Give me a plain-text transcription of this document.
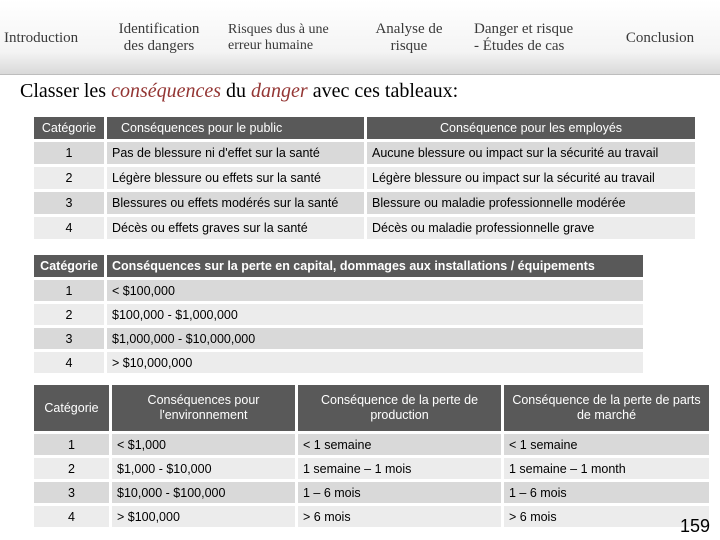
Introduction
Identification
des dangers
Risques dus à une
erreur humaine
Analyse de
risque
Danger et risque
- Études de cas
Conclusion
Classer les conséquences du danger avec ces tableaux:
Catégorie	Conséquences pour le public	Conséquence pour les employés
1	Pas de blessure ni d'effet sur la santé	Aucune blessure ou impact sur la sécurité au travail
2	Légère blessure ou effets sur la santé	Légère blessure ou impact sur la sécurité au travail
3	Blessures ou effets modérés sur la santé	Blessure ou maladie professionnelle modérée
4	Décès ou effets graves sur la santé	Décès ou maladie professionnelle grave
Catégorie	Conséquences sur la perte en capital, dommages aux installations / équipements
1	< $100,000
2	$100,000 - $1,000,000
3	$1,000,000 - $10,000,000
4	> $10,000,000
Catégorie	Conséquences pour l'environnement	Conséquence de la perte de production	Conséquence de la perte de parts de marché
1	< $1,000	< 1 semaine	< 1 semaine
2	$1,000 - $10,000	1 semaine – 1 mois	1 semaine – 1 month
3	$10,000 - $100,000	1 – 6 mois	1 – 6 mois
4	> $100,000	> 6 mois	> 6 mois	159
